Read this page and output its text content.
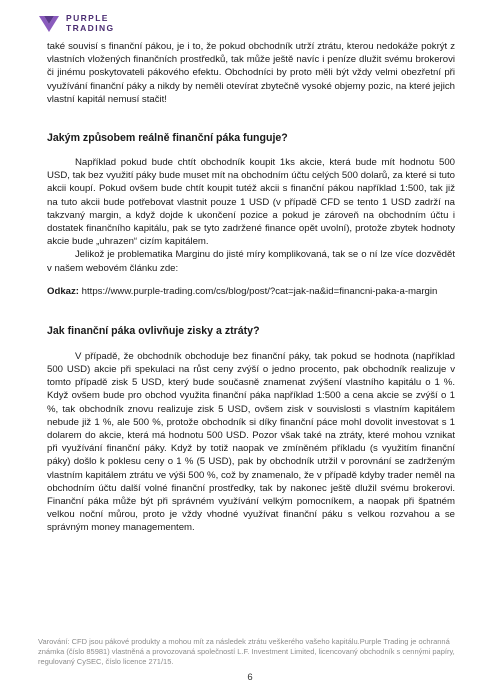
PURPLE
TRADING

také souvisí s finanční pákou, je i to, že pokud obchodník utrží ztrátu, kterou nedokáže pokrýt z vlastních vložených finančních prostředků, tak může ještě navíc i peníze dlužit svému brokerovi či jinému poskytovateli pákového efektu. Obchodníci by proto měli být vždy velmi obezřetní při využívání finanční páky a nikdy by neměli otevírat zbytečně vysoké objemy pozic, na které jejich vlastní kapitál nemusí stačit!

Jakým způsobem reálně finanční páka funguje?

Například pokud bude chtít obchodník koupit 1ks akcie, která bude mít hodnotu 500 USD, tak bez využití páky bude muset mít na obchodním účtu celých 500 dolarů, za které si tuto akcii koupí. Pokud ovšem bude chtít koupit tutéž akcii s finanční pákou například 1:500, tak již na tuto akcii bude potřebovat vlastnit pouze 1 USD (v případě CFD se tento 1 USD zadrží na takzvaný margin, a když dojde k ukončení pozice a pokud je zároveň na obchodním účtu i dostatek finančního kapitálu, pak se tyto zadržené finance opět uvolní), protože zbytek hodnoty akcie bude „uhrazen“ cizím kapitálem.

Jelikož je problematika Marginu do jisté míry komplikovaná, tak se o ní lze více dozvědět v našem webovém článku zde:

Odkaz: https://www.purple-trading.com/cs/blog/post/?cat=jak-na&id=financni-paka-a-margin
Jak finanční páka ovlivňuje zisky a ztráty?

V případě, že obchodník obchoduje bez finanční páky, tak pokud se hodnota (například 500 USD) akcie při spekulaci na růst ceny zvýší o jedno procento, pak obchodník realizuje v tomto případě zisk 5 USD, který bude současně znamenat zvýšení vlastního kapitálu o 1 %. Když ovšem bude pro obchod využita finanční páka například 1:500 a cena akcie se zvýší o 1 %, tak obchodník znovu realizuje zisk 5 USD, ovšem zisk v souvislosti s vlastním kapitálem nebude již 1 %, ale 500 %, protože obchodník si díky finanční páce mohl dovolit investovat s 1 dolarem do akcie, která má hodnotu 500 USD. Pozor však také na ztráty, které mohou vznikat při využívání finanční páky. Když by totiž naopak ve zmíněném příkladu (s využitím finanční páky) došlo k poklesu ceny o 1 % (5 USD), pak by obchodník utržil v porovnání se zadrženým vlastním kapitálem ztrátu ve výši 500 %, což by znamenalo, že v případě kdyby trader neměl na obchodním účtu další volné finanční prostředky, tak by nakonec ještě dlužil svému brokerovi. Finanční páka může být při správném využívání velkým pomocníkem, a naopak při špatném velkou noční můrou, proto je vždy vhodné využívat finanční páku s velkou rozvahou a se správným money managementem.

Varování: CFD jsou pákové produkty a mohou mít za následek ztrátu veškerého vašeho kapitálu.Purple Trading je ochranná známka (číslo 85981) vlastněná a provozovaná společností L.F. Investment Limited, licencovaný obchodník s cennými papíry, regulovaný CySEC, číslo licence 271/15.
6
